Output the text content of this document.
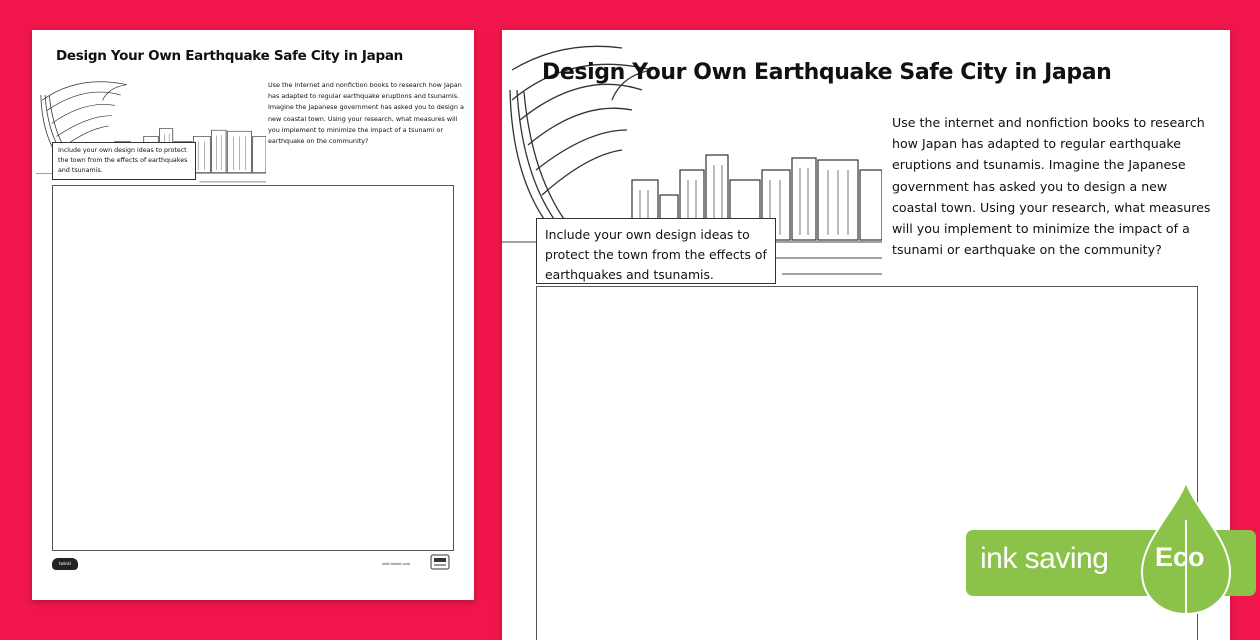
Design Your Own Earthquake Safe City in Japan

Use the internet and nonfiction books to research how Japan has adapted to regular earthquake eruptions and tsunamis. Imagine the Japanese government has asked you to design a new coastal town. Using your research, what measures will you implement to minimize the impact of a tsunami or earthquake on the community?

Include your own design ideas to protect the town from the effects of earthquakes and tsunamis.

twinkl	visit twinkl.com
Design Your Own Earthquake Safe City in Japan

Use the internet and nonfiction books to research how Japan has adapted to regular earthquake eruptions and tsunamis. Imagine the Japanese government has asked you to design a new coastal town. Using your research, what measures will you implement to minimize the impact of a tsunami or earthquake on the community?

Include your own design ideas to protect the town from the effects of earthquakes and tsunamis.

ink saving Eco
